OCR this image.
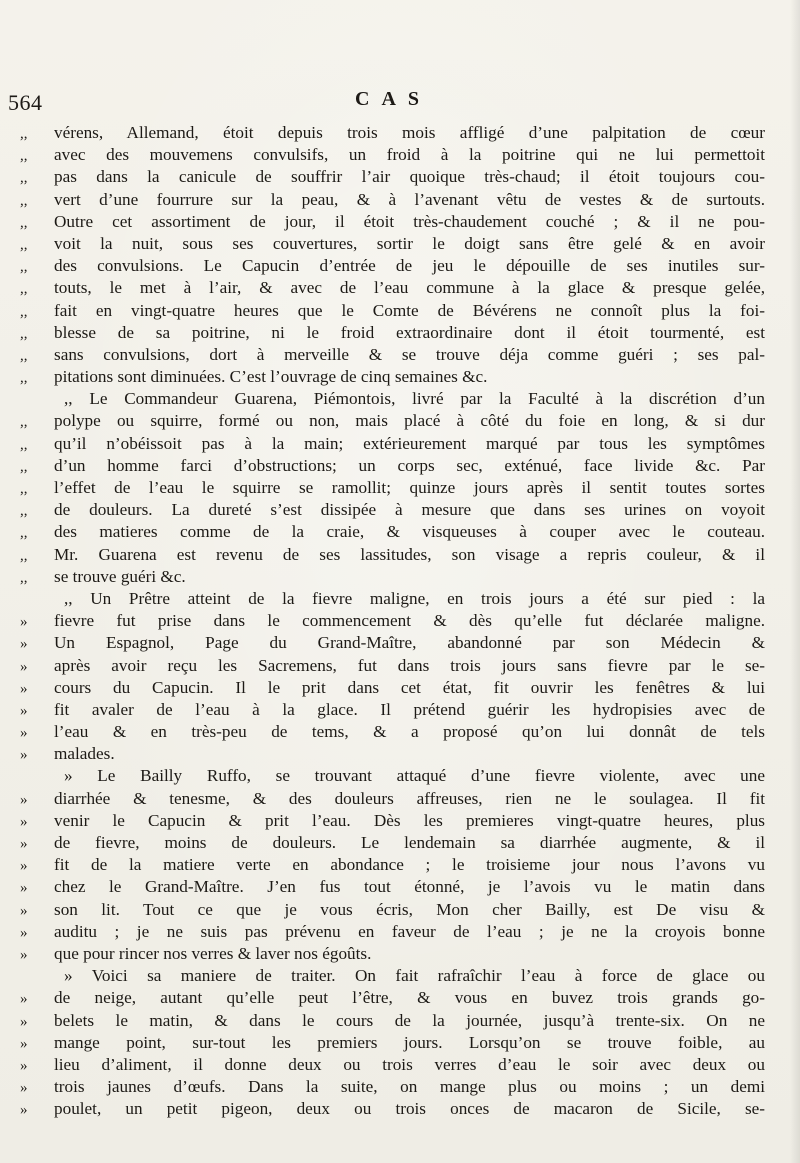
564	CAS
,,	vérens, Allemand, étoit depuis trois mois affligé d’une palpitation de cœur
,,	avec des mouvemens convulsifs, un froid à la poitrine qui ne lui permettoit
,,	pas dans la canicule de souffrir l’air quoique très-chaud; il étoit toujours cou-
,,	vert d’une fourrure sur la peau, & à l’avenant vêtu de vestes & de surtouts.
,,	Outre cet assortiment de jour, il étoit très-chaudement couché ; & il ne pou-
,,	voit la nuit, sous ses couvertures, sortir le doigt sans être gelé & en avoir
,,	des convulsions. Le Capucin d’entrée de jeu le dépouille de ses inutiles sur-
,,	touts, le met à l’air, & avec de l’eau commune à la glace & presque gelée,
,,	fait en vingt-quatre heures que le Comte de Bévérens ne connoît plus la foi-
,,	blesse de sa poitrine, ni le froid extraordinaire dont il étoit tourmenté, est
,,	sans convulsions, dort à merveille & se trouve déja comme guéri ; ses pal-
,,	pitations sont diminuées. C’est l’ouvrage de cinq semaines &c.
,, Le Commandeur Guarena, Piémontois, livré par la Faculté à la discrétion d’un
,,	polype ou squirre, formé ou non, mais placé à côté du foie en long, & si dur
,,	qu’il n’obéissoit pas à la main; extérieurement marqué par tous les symptômes
,,	d’un homme farci d’obstructions; un corps sec, exténué, face livide &c. Par
,,	l’effet de l’eau le squirre se ramollit; quinze jours après il sentit toutes sortes
,,	de douleurs. La dureté s’est dissipée à mesure que dans ses urines on voyoit
,,	des matieres comme de la craie, & visqueuses à couper avec le couteau.
,,	Mr. Guarena est revenu de ses lassitudes, son visage a repris couleur, & il
,,	se trouve guéri &c.
,, Un Prêtre atteint de la fievre maligne, en trois jours a été sur pied : la
»	fievre fut prise dans le commencement & dès qu’elle fut déclarée maligne.
»	Un Espagnol, Page du Grand-Maître, abandonné par son Médecin &
»	après avoir reçu les Sacremens, fut dans trois jours sans fievre par le se-
»	cours du Capucin. Il le prit dans cet état, fit ouvrir les fenêtres & lui
»	fit avaler de l’eau à la glace. Il prétend guérir les hydropisies avec de
»	l’eau & en très-peu de tems, & a proposé qu’on lui donnât de tels
»	malades.
» Le Bailly Ruffo, se trouvant attaqué d’une fievre violente, avec une
»	diarrhée & tenesme, & des douleurs affreuses, rien ne le soulagea. Il fit
»	venir le Capucin & prit l’eau. Dès les premieres vingt-quatre heures, plus
»	de fievre, moins de douleurs. Le lendemain sa diarrhée augmente, & il
»	fit de la matiere verte en abondance ; le troisieme jour nous l’avons vu
»	chez le Grand-Maître. J’en fus tout étonné, je l’avois vu le matin dans
»	son lit. Tout ce que je vous écris, Mon cher Bailly, est De visu &
»	auditu ; je ne suis pas prévenu en faveur de l’eau ; je ne la croyois bonne
»	que pour rincer nos verres & laver nos égoûts.
» Voici sa maniere de traiter. On fait rafraîchir l’eau à force de glace ou
»	de neige, autant qu’elle peut l’être, & vous en buvez trois grands go-
»	belets le matin, & dans le cours de la journée, jusqu’à trente-six. On ne
»	mange point, sur-tout les premiers jours. Lorsqu’on se trouve foible, au
»	lieu d’aliment, il donne deux ou trois verres d’eau le soir avec deux ou
»	trois jaunes d’œufs. Dans la suite, on mange plus ou moins ; un demi
»	poulet, un petit pigeon, deux ou trois onces de macaron de Sicile, se-
